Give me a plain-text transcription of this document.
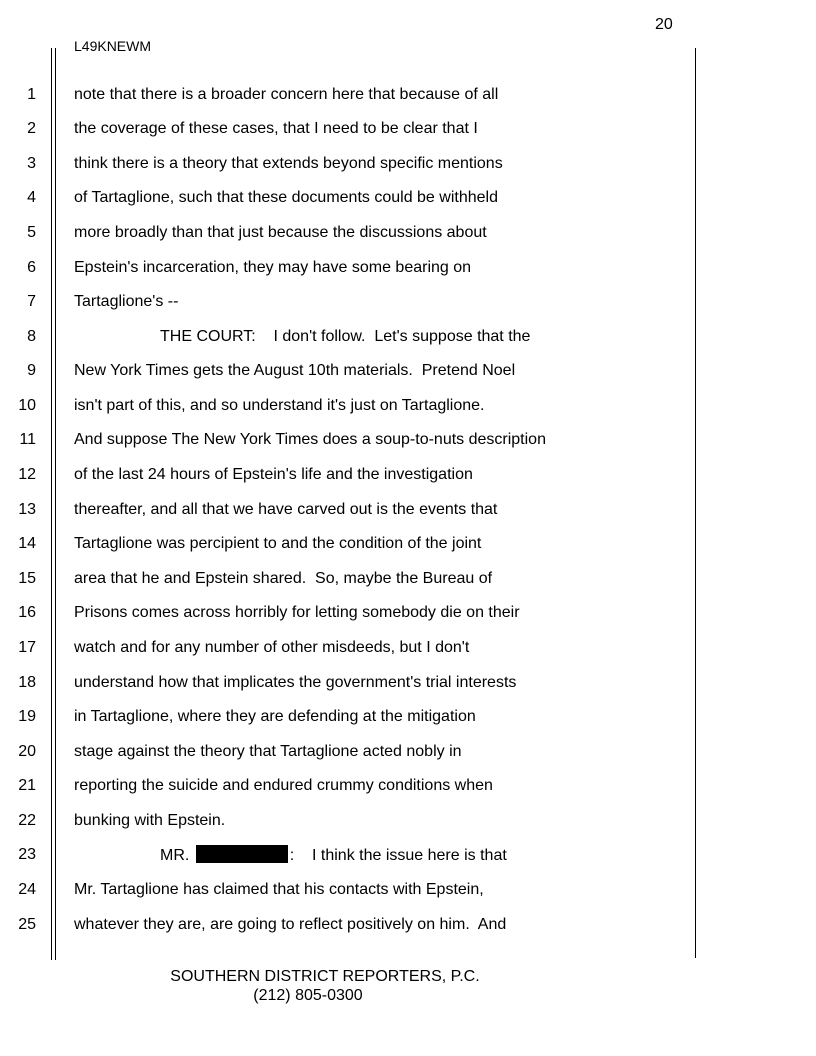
20
L49KNEWM
1 note that there is a broader concern here that because of all
2 the coverage of these cases, that I need to be clear that I
3 think there is a theory that extends beyond specific mentions
4 of Tartaglione, such that these documents could be withheld
5 more broadly than that just because the discussions about
6 Epstein's incarceration, they may have some bearing on
7 Tartaglione's --
8	THE COURT:    I don't follow.  Let's suppose that the
9 New York Times gets the August 10th materials.  Pretend Noel
10 isn't part of this, and so understand it's just on Tartaglione.
11 And suppose The New York Times does a soup-to-nuts description
12 of the last 24 hours of Epstein's life and the investigation
13 thereafter, and all that we have carved out is the events that
14 Tartaglione was percipient to and the condition of the joint
15 area that he and Epstein shared.  So, maybe the Bureau of
16 Prisons comes across horribly for letting somebody die on their
17 watch and for any number of other misdeeds, but I don't
18 understand how that implicates the government's trial interests
19 in Tartaglione, where they are defending at the mitigation
20 stage against the theory that Tartaglione acted nobly in
21 reporting the suicide and endured crummy conditions when
22 bunking with Epstein.
23	MR.	:    I think the issue here is that
24 Mr. Tartaglione has claimed that his contacts with Epstein,
25 whatever they are, are going to reflect positively on him.  And
SOUTHERN DISTRICT REPORTERS, P.C.
(212) 805-0300
